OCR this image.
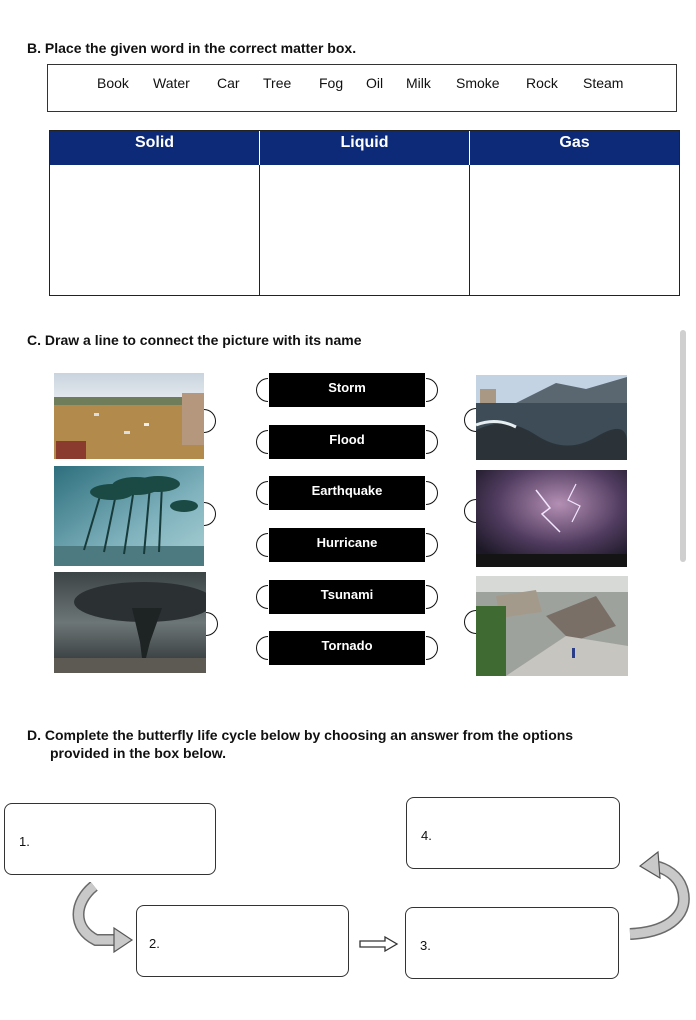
B. Place the given word in the correct matter box.
Book Water Car Tree Fog Oil Milk Smoke Rock Steam
Solid	Liquid	Gas
C. Draw a line to connect the picture with its name
Storm
Flood
Earthquake
Hurricane
Tsunami
Tornado
D. Complete the butterfly life cycle below by choosing an answer from the options
provided in the box below.
1.	4.
2.	3.
